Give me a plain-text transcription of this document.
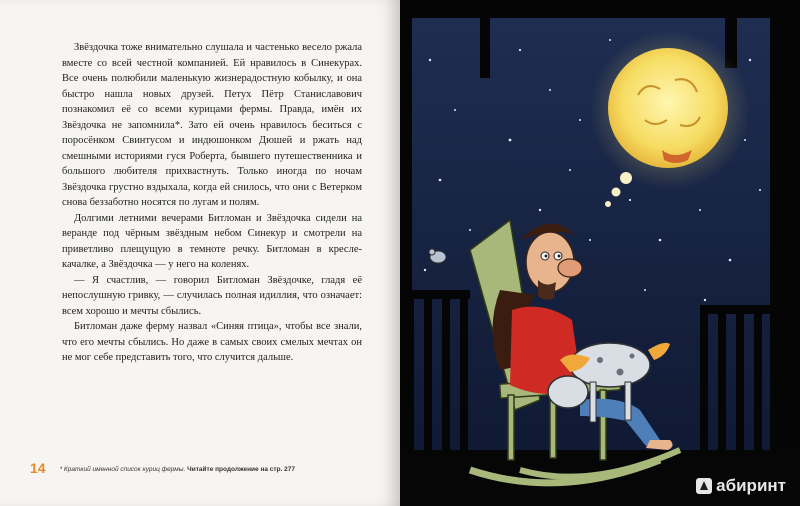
Звёздочка тоже внимательно слушала и частенько весело ржала вместе со всей честной компанией. Ей нравилось в Синекурах. Все очень полюбили маленькую жизнерадостную кобылку, и она быстро нашла новых друзей. Петух Пётр Станиславович познакомил её со всеми курицами фермы. Правда, имён их Звёздочка не запомнила*. Зато ей очень нравилось беситься с поросёнком Свинтусом и индюшонком Дюшей и ржать над смешными историями гуся Роберта, бывшего путешественника и большого любителя прихвастнуть. Только иногда по ночам Звёздочка грустно вздыхала, когда ей снилось, что они с Ветерком снова беззаботно носятся по лугам и полям.

Долгими летними вечерами Битломан и Звёздочка сидели на веранде под чёрным звёздным небом Синекур и смотрели на приветливо плещущую в темноте речку. Битломан в кресле-качалке, а Звёздочка — у него на коленях.

— Я счастлив, — говорил Битломан Звёздочке, гладя её непослушную гривку, — случилась полная идиллия, что означает: всем хорошо и мечты сбылись.

Битломан даже ферму назвал «Синяя птица», чтобы все знали, что его мечты сбылись. Но даже в самых своих смелых мечтах он не мог себе представить того, что случится дальше.

14 * Краткий именной список куриц фермы. Читайте продолжение на стр. 277
абиринт
